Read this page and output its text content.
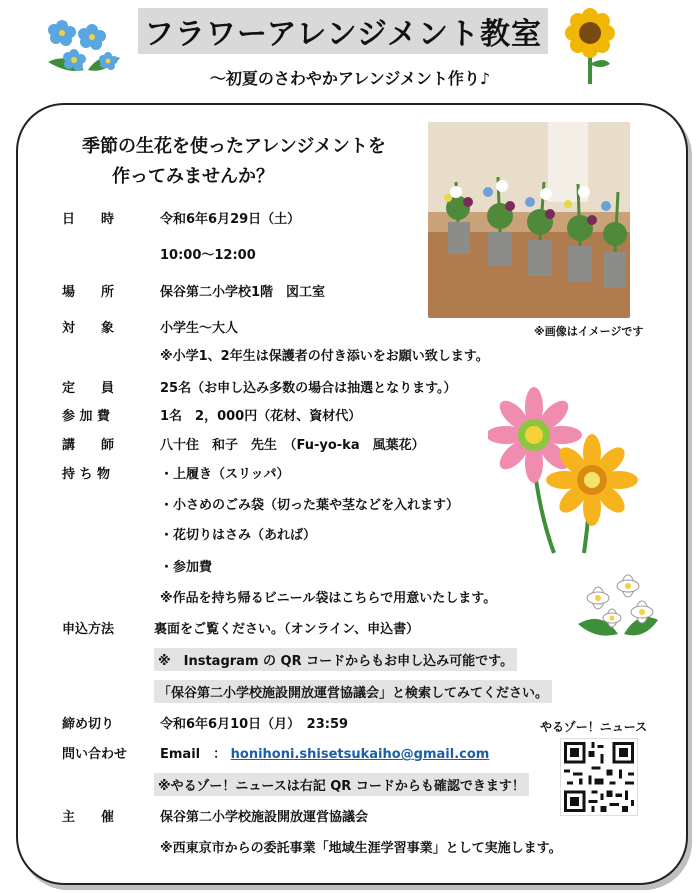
フラワーアレンジメント教室
～初夏のさわやかアレンジメント作り♪
季節の生花を使ったアレンジメントを
作ってみませんか？
※画像はイメージです
日　　時	令和6年6月29日（土）
10:00～12:00
場　　所	保谷第二小学校1階　図工室
対　　象	小学生～大人
※小学1、2年生は保護者の付き添いをお願い致します。
定　　員	25名（お申し込み多数の場合は抽選となります。）
参 加 費	1名　2，000円（花材、資材代）
講　　師	八十住　和子　先生　（Fu-yo-ka　風葉花）
持 ち 物	・上履き（スリッパ）
・小さめのごみ袋（切った葉や茎などを入れます）
・花切りはさみ（あれば）
・参加費
※作品を持ち帰るビニール袋はこちらで用意いたします。
申込方法	裏面をご覧ください。（オンライン、申込書）
※　Instagram の QR コードからもお申し込み可能です。
「保谷第二小学校施設開放運営協議会」と検索してみてください。
締め切り	令和6年6月10日（月）　23:59
問い合わせ	Email　： honihoni.shisetsukaiho@gmail.com
※やるゾー！ニュースは右記 QR コードからも確認できます！
主　　催	保谷第二小学校施設開放運営協議会
※西東京市からの委託事業「地域生涯学習事業」として実施します。
やるゾー！ニュース
